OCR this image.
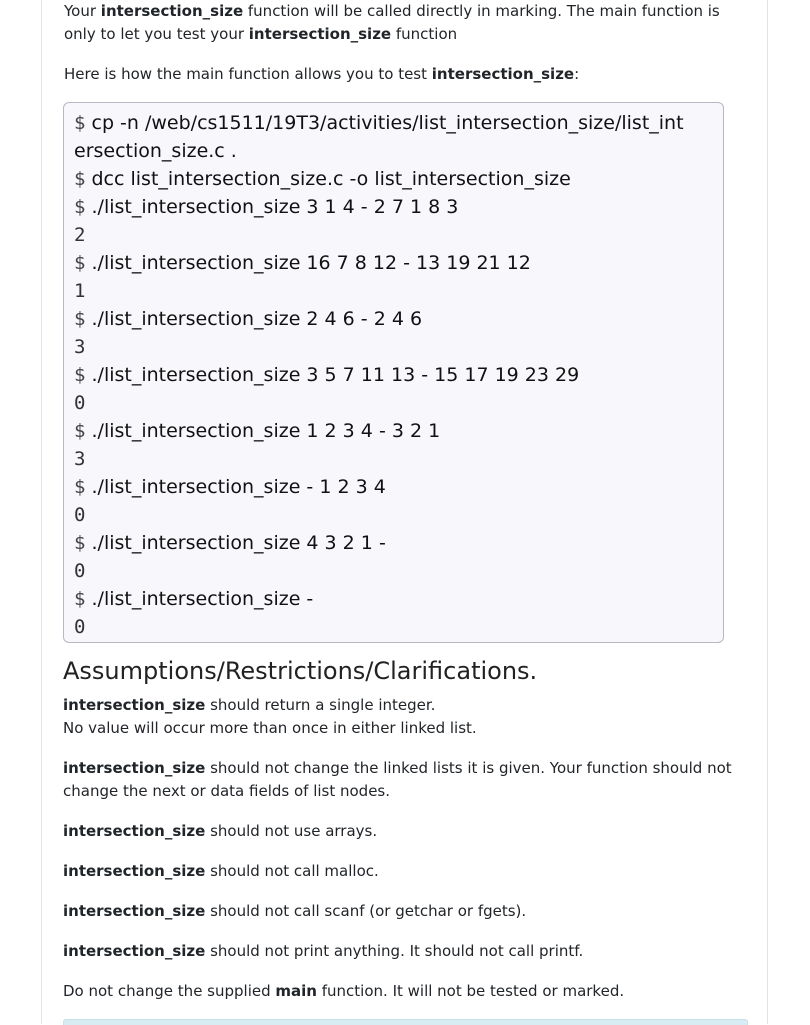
Your intersection_size function will be called directly in marking. The main function is only to let you test your intersection_size function

Here is how the main function allows you to test intersection_size:

$ cp -n /web/cs1511/19T3/activities/list_intersection_size/list_int
ersection_size.c .
$ dcc list_intersection_size.c -o list_intersection_size
$ ./list_intersection_size 3 1 4 - 2 7 1 8 3
2
$ ./list_intersection_size 16 7 8 12 - 13 19 21 12
1
$ ./list_intersection_size 2 4 6 - 2 4 6
3
$ ./list_intersection_size 3 5 7 11 13 - 15 17 19 23 29
0
$ ./list_intersection_size 1 2 3 4 - 3 2 1
3
$ ./list_intersection_size - 1 2 3 4
0
$ ./list_intersection_size 4 3 2 1 -
0
$ ./list_intersection_size -
0
Assumptions/Restrictions/Clarifications.

intersection_size should return a single integer.

No value will occur more than once in either linked list.

intersection_size should not change the linked lists it is given. Your function should not change the next or data fields of list nodes.

intersection_size should not use arrays.

intersection_size should not call malloc.

intersection_size should not call scanf (or getchar or fgets).

intersection_size should not print anything. It should not call printf.

Do not change the supplied main function. It will not be tested or marked.
